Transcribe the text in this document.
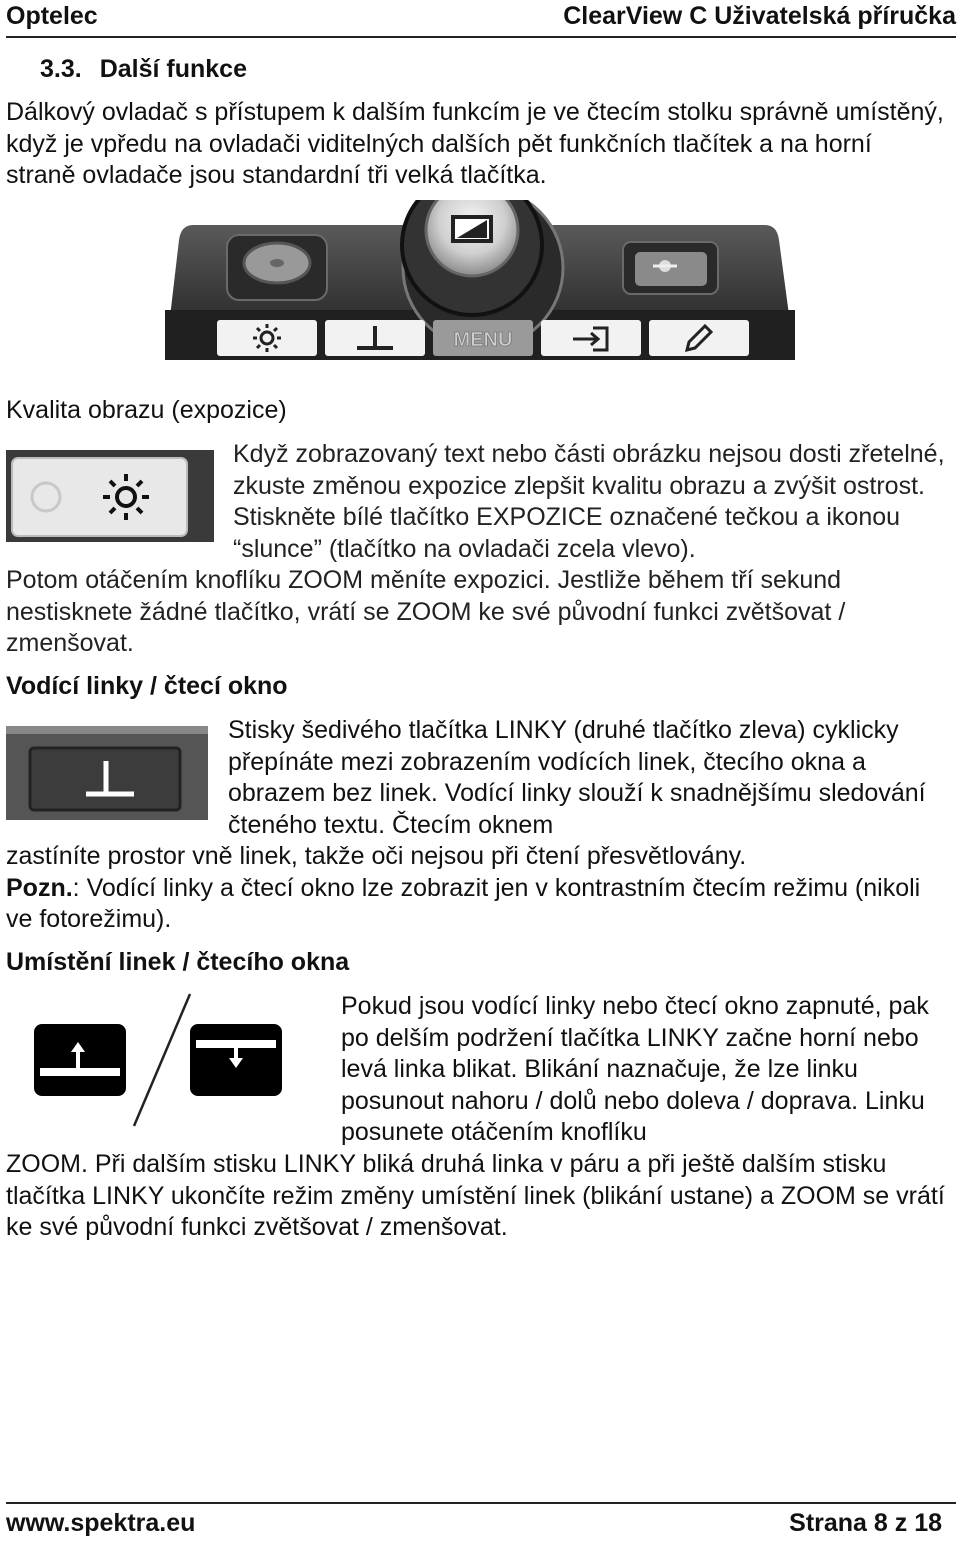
Optelec	ClearView C Uživatelská příručka
3.3. Další funkce
Dálkový ovladač s přístupem k dalším funkcím je ve čtecím stolku správně umístěný, když je vpředu na ovladači viditelných dalších pět funkčních tlačítek a na horní straně ovladače jsou standardní tři velká tlačítka.
MENU
Kvalita obrazu (expozice)
Když zobrazovaný text nebo části obrázku nejsou dosti zřetelné, zkuste změnou expozice zlepšit kvalitu obrazu a zvýšit ostrost. Stiskněte bílé tlačítko EXPOZICE označené tečkou a ikonou “slunce” (tlačítko na ovladači zcela vlevo).
Potom otáčením knoflíku ZOOM měníte expozici. Jestliže během tří sekund nestisknete žádné tlačítko, vrátí se ZOOM ke své původní funkci zvětšovat / zmenšovat.
Vodící linky / čtecí okno
Stisky šedivého tlačítka LINKY (druhé tlačítko zleva) cyklicky přepínáte mezi zobrazením vodících linek, čtecího okna a obrazem bez linek. Vodící linky slouží k snadnějšímu sledování čteného textu. Čtecím oknem
zastíníte prostor vně linek, takže oči nejsou při čtení přesvětlovány.
Pozn.: Vodící linky a čtecí okno lze zobrazit jen v kontrastním čtecím režimu (nikoli ve fotorežimu).
Umístění linek / čtecího okna
Pokud jsou vodící linky nebo čtecí okno zapnuté, pak po delším podržení tlačítka LINKY začne horní nebo levá linka blikat. Blikání naznačuje, že lze linku posunout nahoru / dolů nebo doleva / doprava. Linku posunete otáčením knoflíku
ZOOM. Při dalším stisku LINKY bliká druhá linka v páru a při ještě dalším stisku tlačítka LINKY ukončíte režim změny umístění linek (blikání ustane) a ZOOM se vrátí ke své původní funkci zvětšovat / zmenšovat.
www.spektra.eu	Strana 8 z 18
